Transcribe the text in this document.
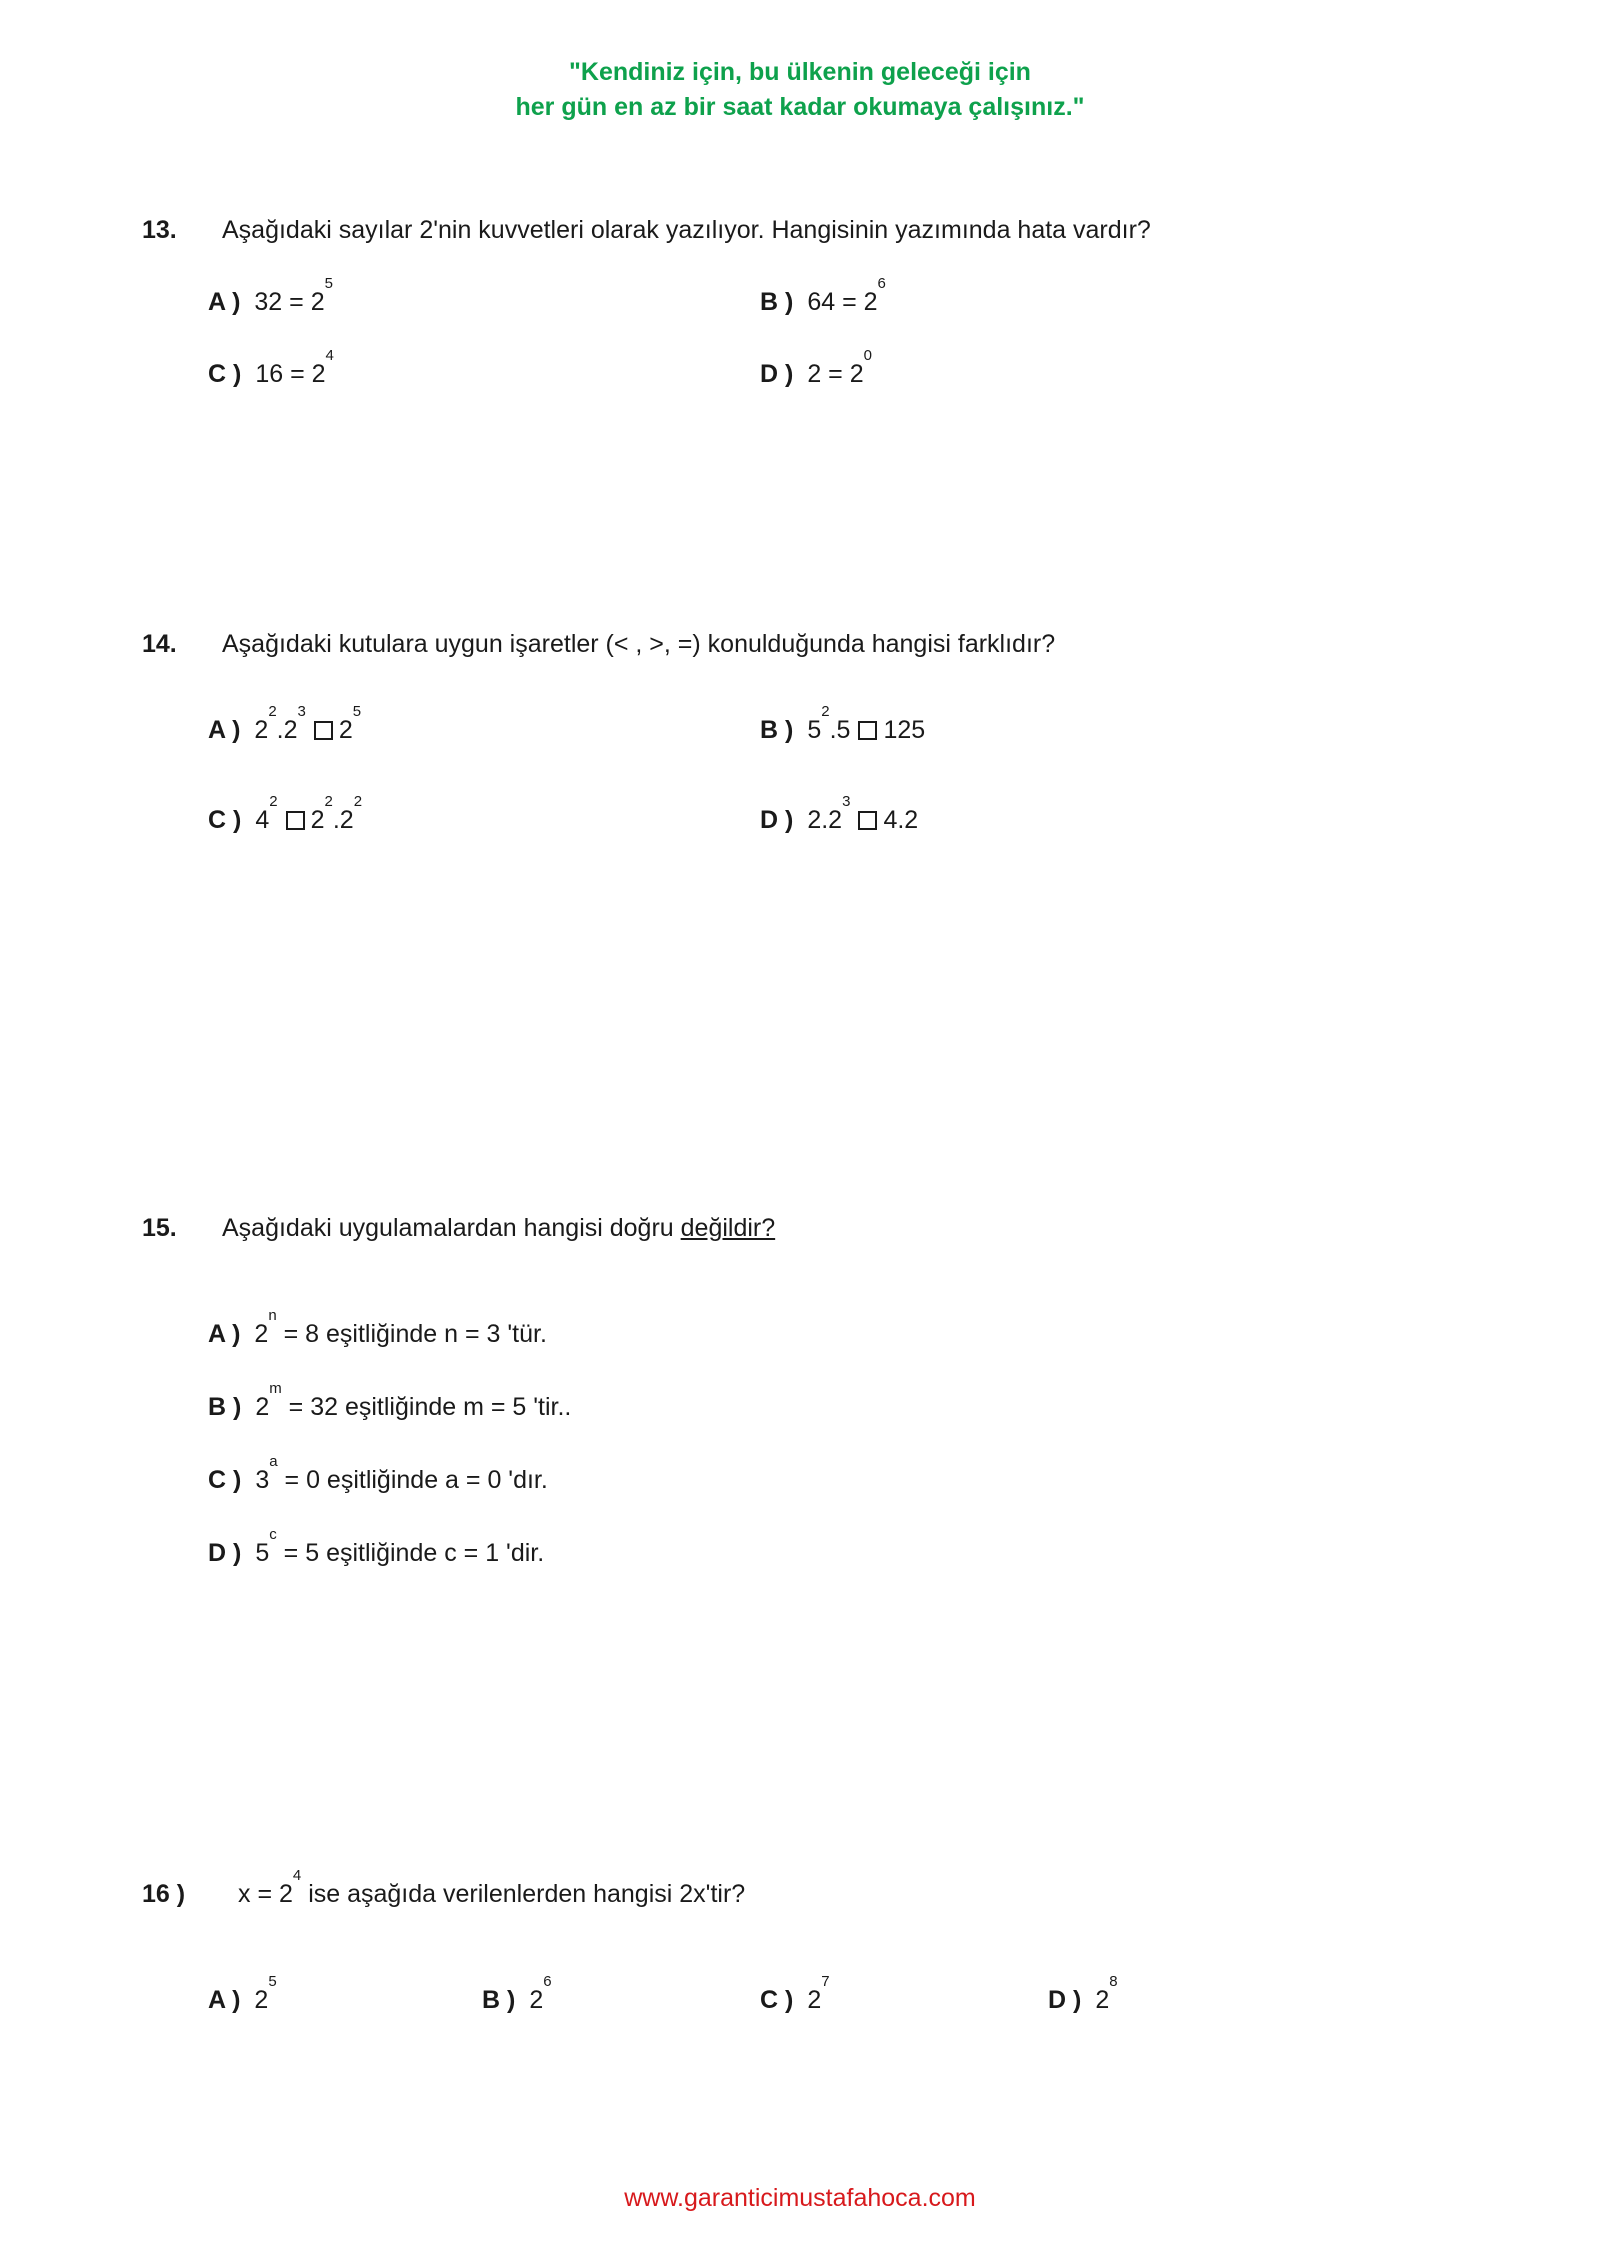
"Kendiniz için, bu ülkenin geleceği için
her gün en az bir saat kadar okumaya çalışınız."
13. Aşağıdaki sayılar 2'nin kuvvetleri olarak yazılıyor. Hangisinin yazımında hata vardır?
A ) $32 = 2^5$
B ) $64 = 2^6$
C ) $16 = 2^4$
D ) $2 = 2^0$
14. Aşağıdaki kutulara uygun işaretler (< , >, =) konulduğunda hangisi farklıdır?
A ) $2^2.2^32^5$
B ) $5^2.5$ 125
C ) $4^22^2.2^2$
D ) $2.2^34.2$
15. Aşağıdaki uygulamalardan hangisi doğru değildir?
A ) $2^n = 8$ eşitliğinde n = 3 'tür.
B ) $2^m = 32$ eşitliğinde m = 5 'tir..
C ) $3^a = 0$ eşitliğinde a = 0 'dır.
D ) $5^c = 5$ eşitliğinde c = 1 'dir.
16 ) $x = 2^4$ ise aşağıda verilenlerden hangisi 2x'tir?
A ) $2^5$
B ) $2^6$
C ) $2^7$
D ) $2^8$
www.garanticimustafahoca.com
